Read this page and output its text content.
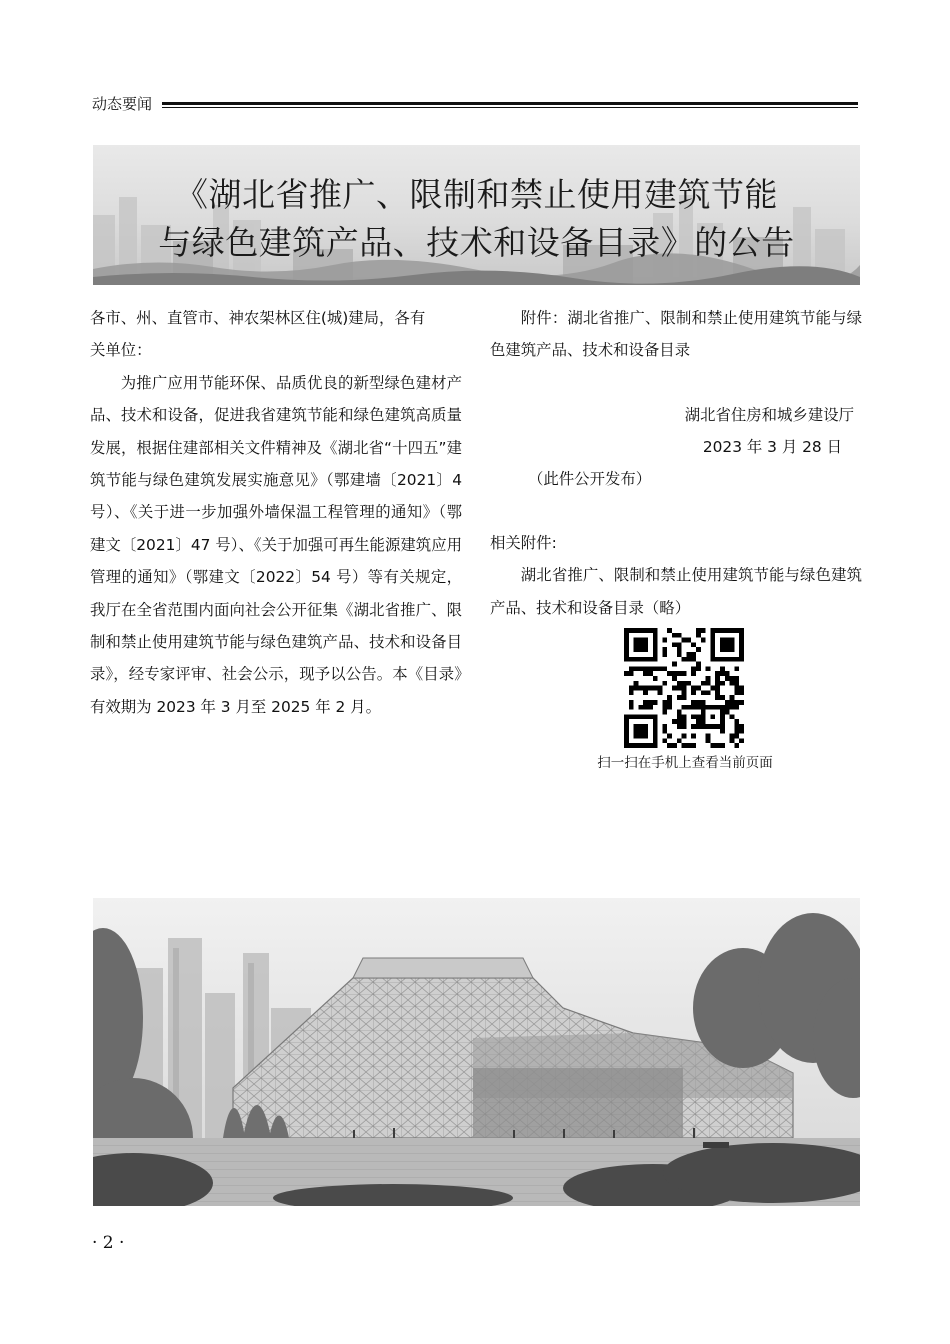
动态要闻
《湖北省推广、限制和禁止使用建筑节能
与绿色建筑产品、技术和设备目录》的公告

各市、州、直管市、神农架林区住(城)建局，各有

关单位：

为推广应用节能环保、品质优良的新型绿色建材产品、技术和设备，促进我省建筑节能和绿色建筑高质量发展，根据住建部相关文件精神及《湖北省“十四五”建筑节能与绿色建筑发展实施意见》（鄂建墙〔2021〕4 号）、《关于进一步加强外墙保温工程管理的通知》（鄂建文〔2021〕47 号）、《关于加强可再生能源建筑应用管理的通知》（鄂建文〔2022〕54 号）等有关规定，我厅在全省范围内面向社会公开征集《湖北省推广、限制和禁止使用建筑节能与绿色建筑产品、技术和设备目录》，经专家评审、社会公示，现予以公告。本《目录》有效期为 2023 年 3 月至 2025 年 2 月。

附件：湖北省推广、限制和禁止使用建筑节能与绿色建筑产品、技术和设备目录

湖北省住房和城乡建设厅

2023 年 3 月 28 日

（此件公开发布）

相关附件:

湖北省推广、限制和禁止使用建筑节能与绿色建筑产品、技术和设备目录（略）

扫一扫在手机上查看当前页面
· 2 ·
